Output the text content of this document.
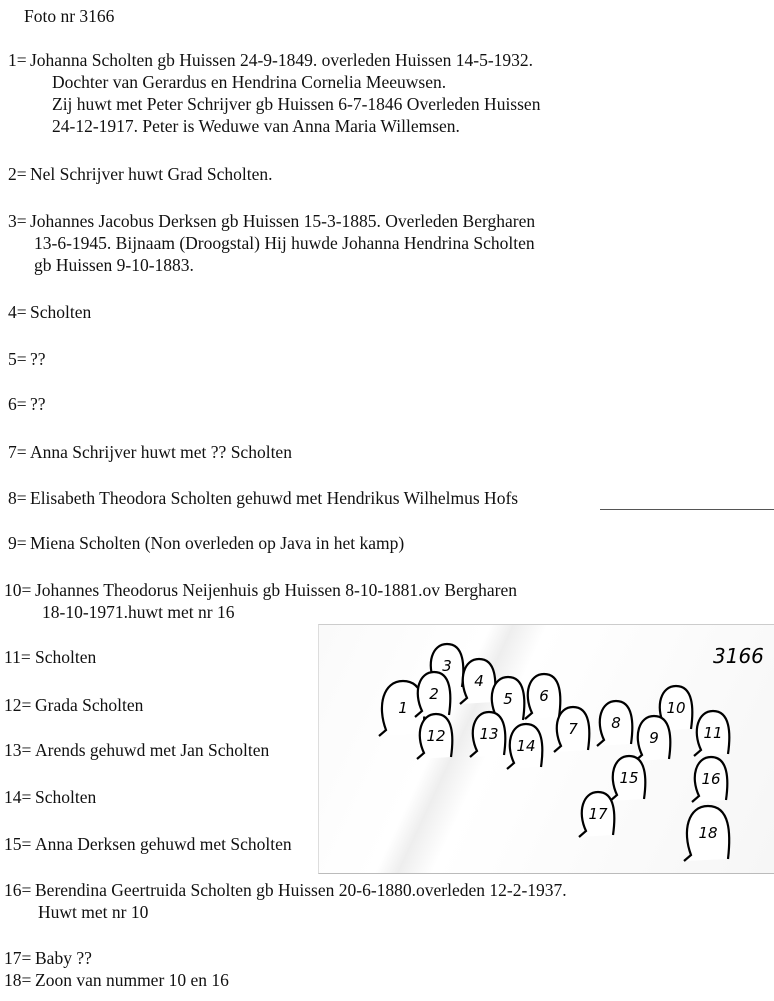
Foto nr 3166
1= Johanna Scholten gb Huissen 24-9-1849. overleden Huissen 14-5-1932.
Dochter van Gerardus en Hendrina Cornelia Meeuwsen.
Zij huwt met Peter Schrijver gb Huissen 6-7-1846 Overleden Huissen
24-12-1917. Peter is Weduwe van Anna Maria Willemsen.
2= Nel Schrijver huwt Grad Scholten.
3= Johannes Jacobus Derksen gb Huissen 15-3-1885. Overleden Bergharen
13-6-1945. Bijnaam (Droogstal) Hij huwde Johanna Hendrina Scholten
gb Huissen 9-10-1883.
4= Scholten
5= ??
6= ??
7= Anna Schrijver huwt met ?? Scholten
8= Elisabeth Theodora Scholten gehuwd met Hendrikus Wilhelmus Hofs
9= Miena Scholten (Non overleden op Java in het kamp)
10= Johannes Theodorus Neijenhuis gb Huissen 8-10-1881.ov Bergharen
18-10-1971.huwt met nr 16
11= Scholten
12= Grada Scholten
13= Arends gehuwd met Jan Scholten
14= Scholten
15= Anna Derksen gehuwd met Scholten
16= Berendina Geertruida Scholten gb Huissen 20-6-1880.overleden 12-2-1937.
Huwt met nr 10
17= Baby ??
18= Zoon van nummer 10 en 16
3
1
4
5 6
2
7 8
10
9	11
12 13
14
15	16
17
18
3166
